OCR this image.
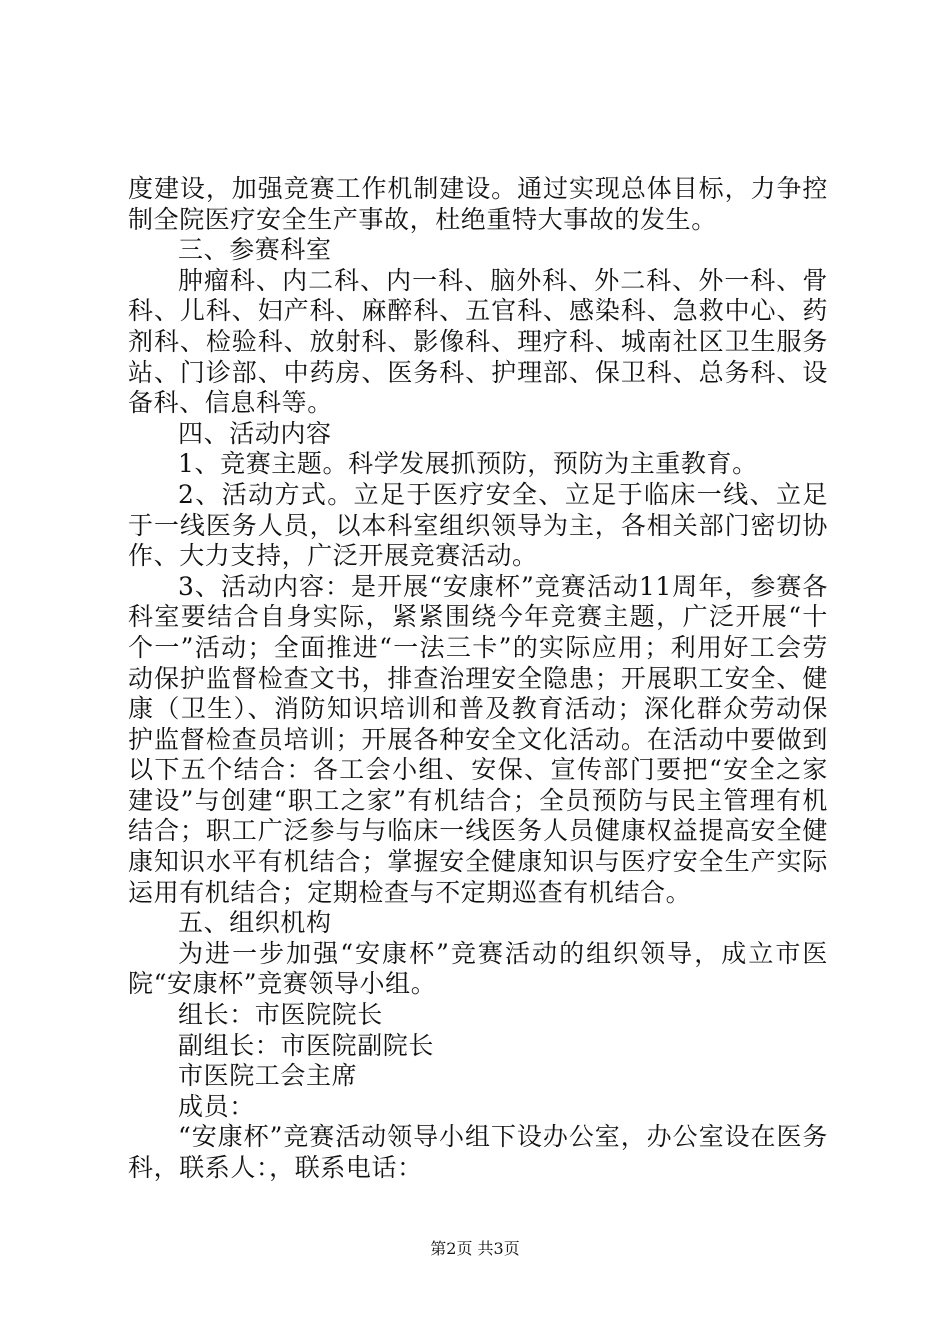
度建设，加强竞赛工作机制建设。通过实现总体目标，力争控制全院医疗安全生产事故，杜绝重特大事故的发生。

三、参赛科室

肿瘤科、内二科、内一科、脑外科、外二科、外一科、骨科、儿科、妇产科、麻醉科、五官科、感染科、急救中心、药剂科、检验科、放射科、影像科、理疗科、城南社区卫生服务站、门诊部、中药房、医务科、护理部、保卫科、总务科、设备科、信息科等。

四、活动内容

1、竞赛主题。科学发展抓预防，预防为主重教育。

2、活动方式。立足于医疗安全、立足于临床一线、立足于一线医务人员，以本科室组织领导为主，各相关部门密切协作、大力支持，广泛开展竞赛活动。

3、活动内容：是开展“安康杯”竞赛活动11周年，参赛各科室要结合自身实际，紧紧围绕今年竞赛主题，广泛开展“十个一”活动；全面推进“一法三卡”的实际应用；利用好工会劳动保护监督检查文书，排查治理安全隐患；开展职工安全、健康（卫生）、消防知识培训和普及教育活动；深化群众劳动保护监督检查员培训；开展各种安全文化活动。在活动中要做到以下五个结合：各工会小组、安保、宣传部门要把“安全之家建设”与创建“职工之家”有机结合；全员预防与民主管理有机结合；职工广泛参与与临床一线医务人员健康权益提高安全健康知识水平有机结合；掌握安全健康知识与医疗安全生产实际运用有机结合；定期检查与不定期巡查有机结合。

五、组织机构

为进一步加强“安康杯”竞赛活动的组织领导，成立市医院“安康杯”竞赛领导小组。

组长：市医院院长

副组长：市医院副院长

市医院工会主席

成员：

“安康杯”竞赛活动领导小组下设办公室，办公室设在医务科，联系人：，联系电话：

第2页 共3页
